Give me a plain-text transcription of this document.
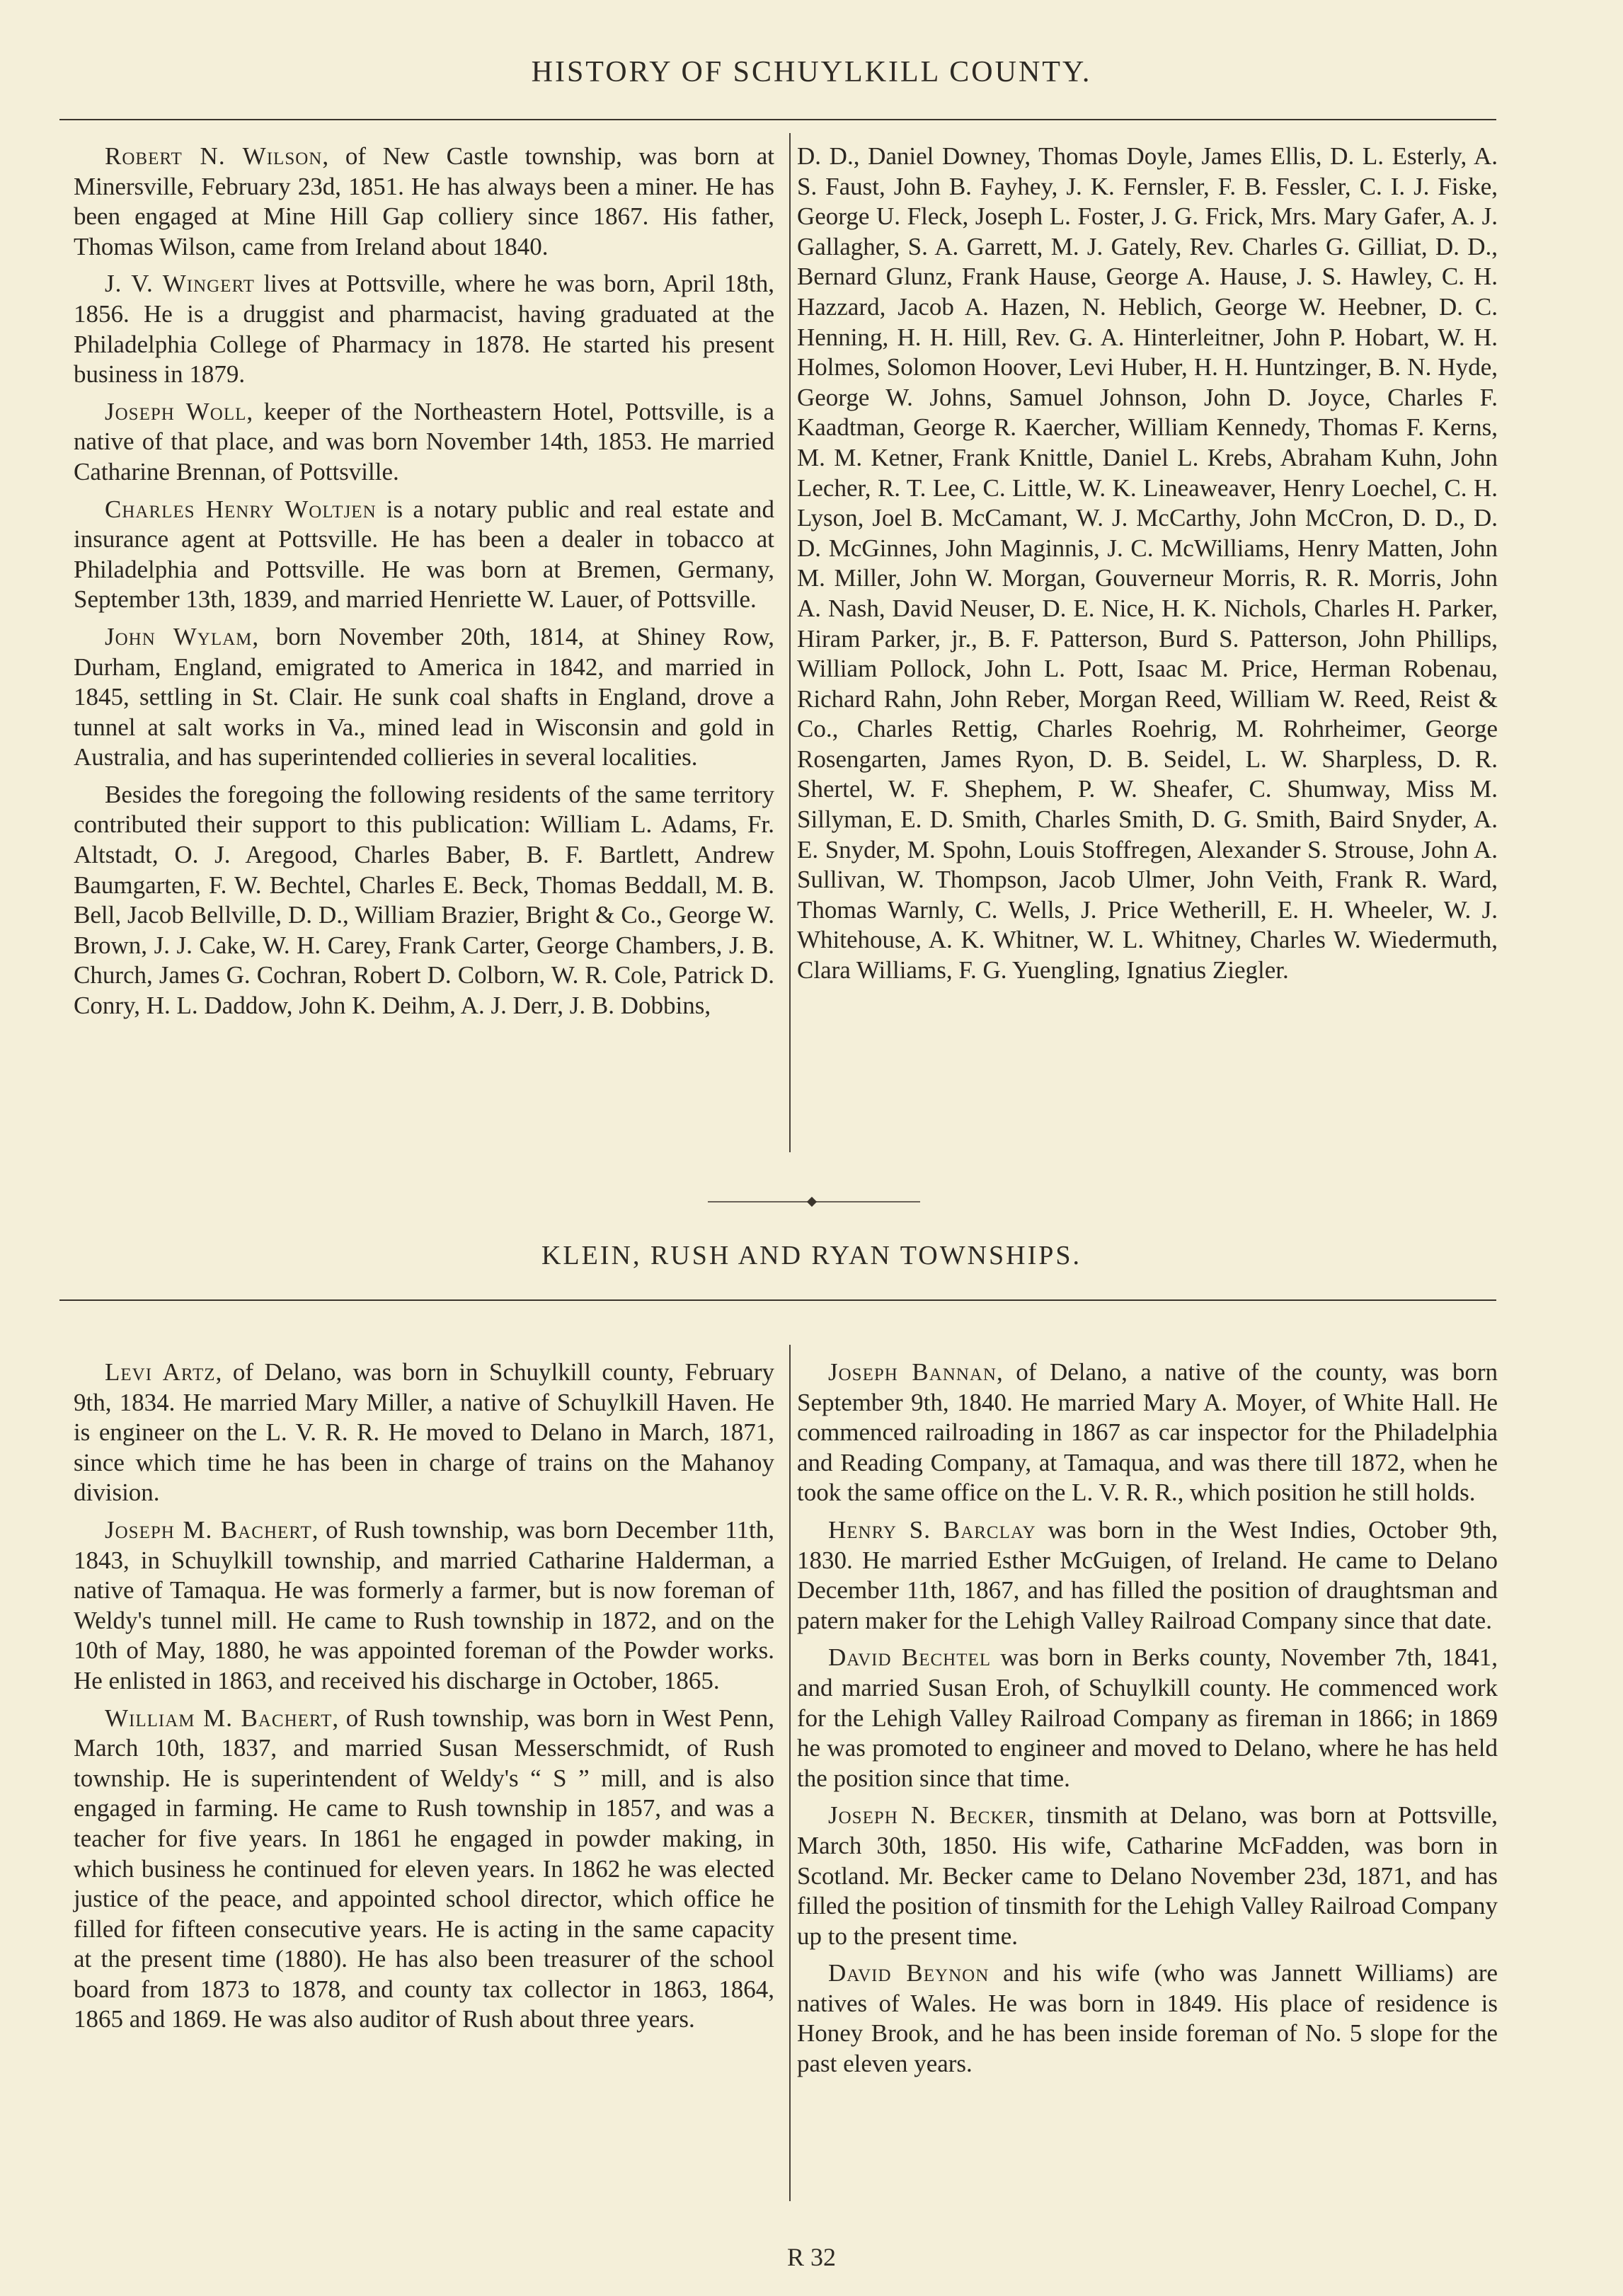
HISTORY OF SCHUYLKILL COUNTY.

Robert N. Wilson, of New Castle township, was born at Minersville, February 23d, 1851. He has always been a miner. He has been engaged at Mine Hill Gap colliery since 1867. His father, Thomas Wilson, came from Ireland about 1840.

J. V. Wingert lives at Pottsville, where he was born, April 18th, 1856. He is a druggist and pharmacist, having graduated at the Philadelphia College of Pharmacy in 1878. He started his present business in 1879.

Joseph Woll, keeper of the Northeastern Hotel, Pottsville, is a native of that place, and was born November 14th, 1853. He married Catharine Brennan, of Pottsville.

Charles Henry Woltjen is a notary public and real estate and insurance agent at Pottsville. He has been a dealer in tobacco at Philadelphia and Pottsville. He was born at Bremen, Germany, September 13th, 1839, and married Henriette W. Lauer, of Pottsville.

John Wylam, born November 20th, 1814, at Shiney Row, Durham, England, emigrated to America in 1842, and married in 1845, settling in St. Clair. He sunk coal shafts in England, drove a tunnel at salt works in Va., mined lead in Wisconsin and gold in Australia, and has superintended collieries in several localities.

Besides the foregoing the following residents of the same territory contributed their support to this publication: William L. Adams, Fr. Altstadt, O. J. Aregood, Charles Baber, B. F. Bartlett, Andrew Baumgarten, F. W. Bechtel, Charles E. Beck, Thomas Beddall, M. B. Bell, Jacob Bellville, D. D., William Brazier, Bright & Co., George W. Brown, J. J. Cake, W. H. Carey, Frank Carter, George Chambers, J. B. Church, James G. Cochran, Robert D. Colborn, W. R. Cole, Patrick D. Conry, H. L. Daddow, John K. Deihm, A. J. Derr, J. B. Dobbins,

D. D., Daniel Downey, Thomas Doyle, James Ellis, D. L. Esterly, A. S. Faust, John B. Fayhey, J. K. Fernsler, F. B. Fessler, C. I. J. Fiske, George U. Fleck, Joseph L. Foster, J. G. Frick, Mrs. Mary Gafer, A. J. Gallagher, S. A. Garrett, M. J. Gately, Rev. Charles G. Gilliat, D. D., Bernard Glunz, Frank Hause, George A. Hause, J. S. Hawley, C. H. Hazzard, Jacob A. Hazen, N. Heblich, George W. Heebner, D. C. Henning, H. H. Hill, Rev. G. A. Hinterleitner, John P. Hobart, W. H. Holmes, Solomon Hoover, Levi Huber, H. H. Huntzinger, B. N. Hyde, George W. Johns, Samuel Johnson, John D. Joyce, Charles F. Kaadtman, George R. Kaercher, William Kennedy, Thomas F. Kerns, M. M. Ketner, Frank Knittle, Daniel L. Krebs, Abraham Kuhn, John Lecher, R. T. Lee, C. Little, W. K. Lineaweaver, Henry Loechel, C. H. Lyson, Joel B. McCamant, W. J. McCarthy, John McCron, D. D., D. D. McGinnes, John Maginnis, J. C. McWilliams, Henry Matten, John M. Miller, John W. Morgan, Gouverneur Morris, R. R. Morris, John A. Nash, David Neuser, D. E. Nice, H. K. Nichols, Charles H. Parker, Hiram Parker, jr., B. F. Patterson, Burd S. Patterson, John Phillips, William Pollock, John L. Pott, Isaac M. Price, Herman Robenau, Richard Rahn, John Reber, Morgan Reed, William W. Reed, Reist & Co., Charles Rettig, Charles Roehrig, M. Rohrheimer, George Rosengarten, James Ryon, D. B. Seidel, L. W. Sharpless, D. R. Shertel, W. F. Shephem, P. W. Sheafer, C. Shumway, Miss M. Sillyman, E. D. Smith, Charles Smith, D. G. Smith, Baird Snyder, A. E. Snyder, M. Spohn, Louis Stoffregen, Alexander S. Strouse, John A. Sullivan, W. Thompson, Jacob Ulmer, John Veith, Frank R. Ward, Thomas Warnly, C. Wells, J. Price Wetherill, E. H. Wheeler, W. J. Whitehouse, A. K. Whitner, W. L. Whitney, Charles W. Wiedermuth, Clara Williams, F. G. Yuengling, Ignatius Ziegler.

KLEIN, RUSH AND RYAN TOWNSHIPS.

Levi Artz, of Delano, was born in Schuylkill county, February 9th, 1834. He married Mary Miller, a native of Schuylkill Haven. He is engineer on the L. V. R. R. He moved to Delano in March, 1871, since which time he has been in charge of trains on the Mahanoy division.

Joseph M. Bachert, of Rush township, was born December 11th, 1843, in Schuylkill township, and married Catharine Halderman, a native of Tamaqua. He was formerly a farmer, but is now foreman of Weldy's tunnel mill. He came to Rush township in 1872, and on the 10th of May, 1880, he was appointed foreman of the Powder works. He enlisted in 1863, and received his discharge in October, 1865.

William M. Bachert, of Rush township, was born in West Penn, March 10th, 1837, and married Susan Messerschmidt, of Rush township. He is superintendent of Weldy's “ S ” mill, and is also engaged in farming. He came to Rush township in 1857, and was a teacher for five years. In 1861 he engaged in powder making, in which business he continued for eleven years. In 1862 he was elected justice of the peace, and appointed school director, which office he filled for fifteen consecutive years. He is acting in the same capacity at the present time (1880). He has also been treasurer of the school board from 1873 to 1878, and county tax collector in 1863, 1864, 1865 and 1869. He was also auditor of Rush about three years.

Joseph Bannan, of Delano, a native of the county, was born September 9th, 1840. He married Mary A. Moyer, of White Hall. He commenced railroading in 1867 as car inspector for the Philadelphia and Reading Company, at Tamaqua, and was there till 1872, when he took the same office on the L. V. R. R., which position he still holds.

Henry S. Barclay was born in the West Indies, October 9th, 1830. He married Esther McGuigen, of Ireland. He came to Delano December 11th, 1867, and has filled the position of draughtsman and patern maker for the Lehigh Valley Railroad Company since that date.

David Bechtel was born in Berks county, November 7th, 1841, and married Susan Eroh, of Schuylkill county. He commenced work for the Lehigh Valley Railroad Company as fireman in 1866; in 1869 he was promoted to engineer and moved to Delano, where he has held the position since that time.

Joseph N. Becker, tinsmith at Delano, was born at Pottsville, March 30th, 1850. His wife, Catharine McFadden, was born in Scotland. Mr. Becker came to Delano November 23d, 1871, and has filled the position of tinsmith for the Lehigh Valley Railroad Company up to the present time.

David Beynon and his wife (who was Jannett Williams) are natives of Wales. He was born in 1849. His place of residence is Honey Brook, and he has been inside foreman of No. 5 slope for the past eleven years.

R 32
